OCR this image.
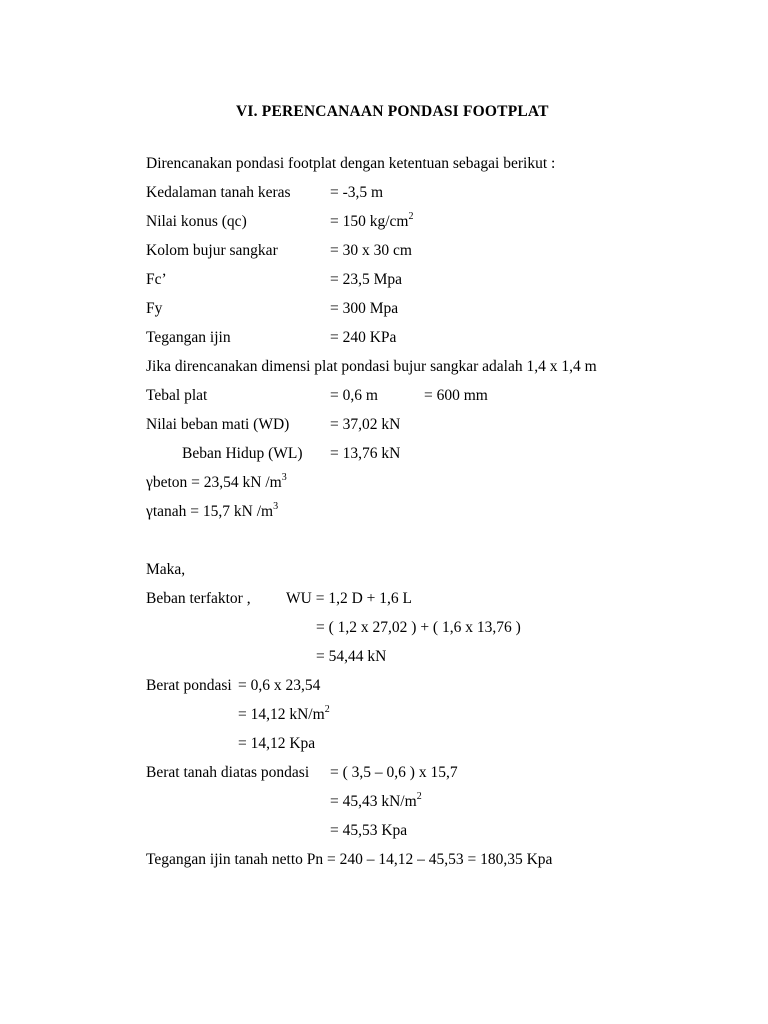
VI. PERENCANAAN PONDASI FOOTPLAT
Direncanakan pondasi footplat dengan ketentuan sebagai berikut :
Kedalaman tanah keras	= -3,5 m
Nilai konus (qc)	= 150 $kg/cm^2$
Kolom bujur sangkar	= 30 x 30 cm
Fc’	= 23,5 Mpa
Fy	= 300 Mpa
Tegangan ijin	= 240 KPa
Jika direncanakan dimensi plat pondasi bujur sangkar adalah 1,4 x 1,4 m
Tebal plat	= 0,6 m	= 600 mm
Nilai beban mati (WD)	= 37,02 kN
Beban Hidup (WL) = 13,76 kN
γbeton = 23,54 kN $/m^3$
γtanah = 15,7 kN $/m^3$
Maka,
Beban terfaktor , WU = 1,2 D + 1,6 L
= ( 1,2 x 27,02 ) + ( 1,6 x 13,76 )
= 54,44 kN
Berat pondasi = 0,6 x 23,54
= 14,12 $kN/m^2$
= 14,12 Kpa
Berat tanah diatas pondasi = ( 3,5 – 0,6 ) x 15,7
= 45,43 $kN/m^2$
= 45,53 Kpa
Tegangan ijin tanah netto Pn = 240 – 14,12 – 45,53 = 180,35 Kpa
